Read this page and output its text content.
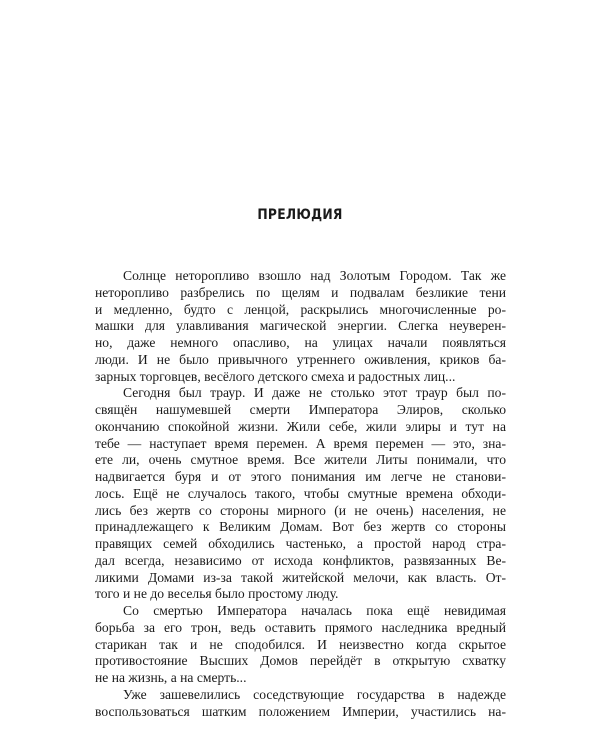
ПРЕЛЮДИЯ
Солнце неторопливо взошло над Золотым Городом. Так же
неторопливо разбрелись по щелям и подвалам безликие тени
и медленно, будто с ленцой, раскрылись многочисленные ро-
машки для улавливания магической энергии. Слегка неуверен-
но, даже немного опасливо, на улицах начали появляться
люди. И не было привычного утреннего оживления, криков ба-
зарных торговцев, весёлого детского смеха и радостных лиц...
Сегодня был траур. И даже не столько этот траур был по-
свящён нашумевшей смерти Императора Элиров, сколько
окончанию спокойной жизни. Жили себе, жили элиры и тут на
тебе — наступает время перемен. А время перемен — это, зна-
ете ли, очень смутное время. Все жители Литы понимали, что
надвигается буря и от этого понимания им легче не станови-
лось. Ещё не случалось такого, чтобы смутные времена обходи-
лись без жертв со стороны мирного (и не очень) населения, не
принадлежащего к Великим Домам. Вот без жертв со стороны
правящих семей обходились частенько, а простой народ стра-
дал всегда, независимо от исхода конфликтов, развязанных Ве-
ликими Домами из-за такой житейской мелочи, как власть. От-
того и не до веселья было простому люду.
Со смертью Императора началась пока ещё невидимая
борьба за его трон, ведь оставить прямого наследника вредный
старикан так и не сподобился. И неизвестно когда скрытое
противостояние Высших Домов перейдёт в открытую схватку
не на жизнь, а на смерть...
Уже зашевелились соседствующие государства в надежде
воспользоваться шатким положением Империи, участились на-
